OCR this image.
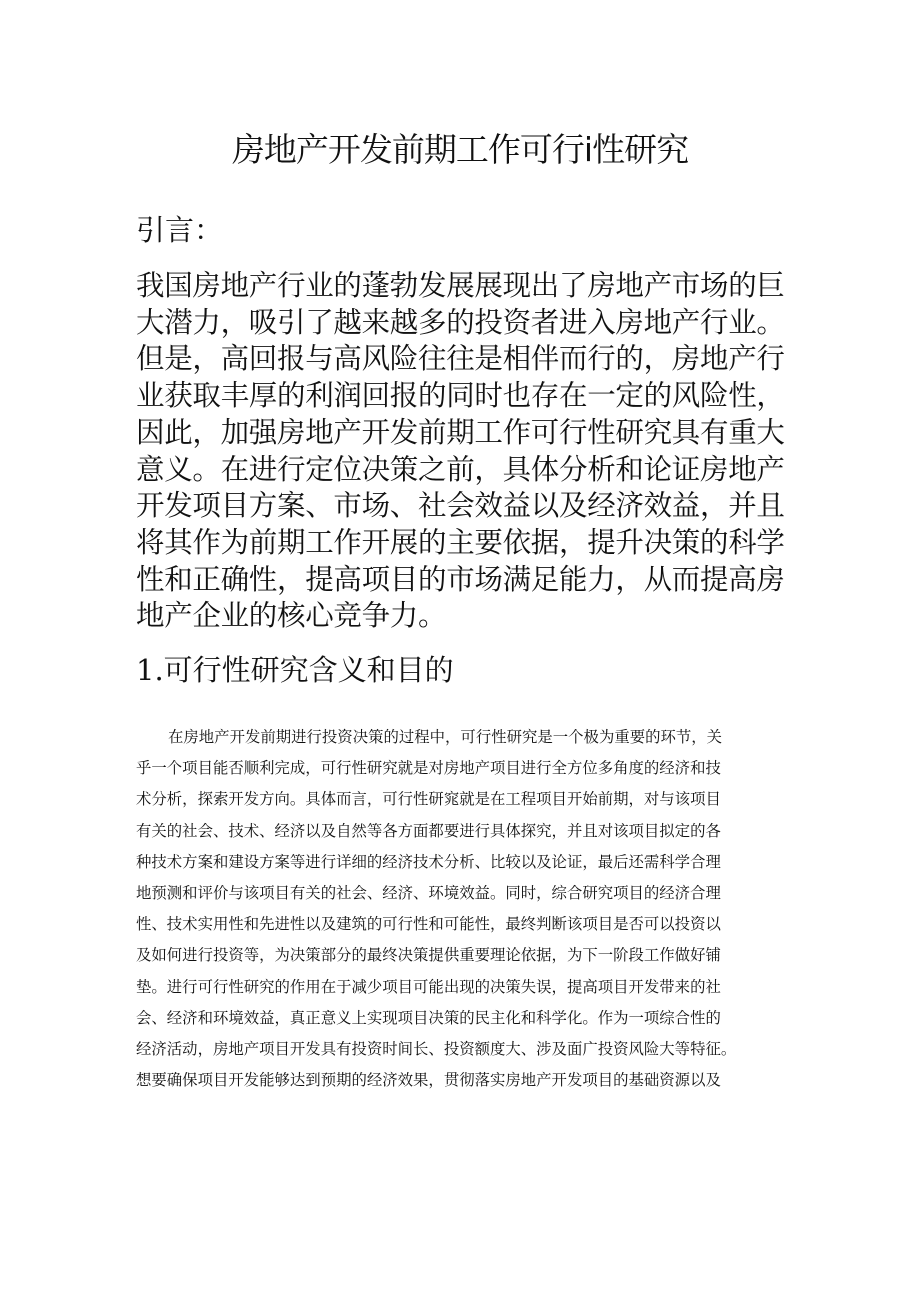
房地产开发前期工作可行ⅰ性研究

引言：

我国房地产行业的蓬勃发展展现出了房地产市场的巨
大潜力，吸引了越来越多的投资者进入房地产行业。
但是，高回报与高风险往往是相伴而行的，房地产行
业获取丰厚的利润回报的同时也存在一定的风险性，
因此，加强房地产开发前期工作可行性研究具有重大
意义。在进行定位决策之前，具体分析和论证房地产
开发项目方案、市场、社会效益以及经济效益，并且
将其作为前期工作开展的主要依据，提升决策的科学
性和正确性，提高项目的市场满足能力，从而提高房
地产企业的核心竞争力。

1.可行性研究含义和目的

在房地产开发前期进行投资决策的过程中，可行性研究是一个极为重要的环节，关
乎一个项目能否顺利完成，可行性研究就是对房地产项目进行全方位多角度的经济和技
术分析，探索开发方向。具体而言，可行性研窕就是在工程项目开始前期，对与该项目
有关的社会、技术、经济以及自然等各方面都要进行具体探究，并且对该项目拟定的各
种技术方案和建设方案等进行详细的经济技术分析、比较以及论证，最后还需科学合理
地预测和评价与该项目有关的社会、经济、环境效益。同时，综合研究项目的经济合理
性、技术实用性和先进性以及建筑的可行性和可能性，最终判断该项目是否可以投资以
及如何进行投资等，为决策部分的最终决策提供重要理论依据，为下一阶段工作做好铺
垫。进行可行性研究的作用在于减少项目可能出现的决策失误，提高项目开发带来的社
会、经济和环境效益，真正意义上实现项目决策的民主化和科学化。作为一项综合性的
经济活动，房地产项目开发具有投资时间长、投资额度大、涉及面广投资风险大等特征。
想要确保项目开发能够达到预期的经济效果，贯彻落实房地产开发项目的基础资源以及
